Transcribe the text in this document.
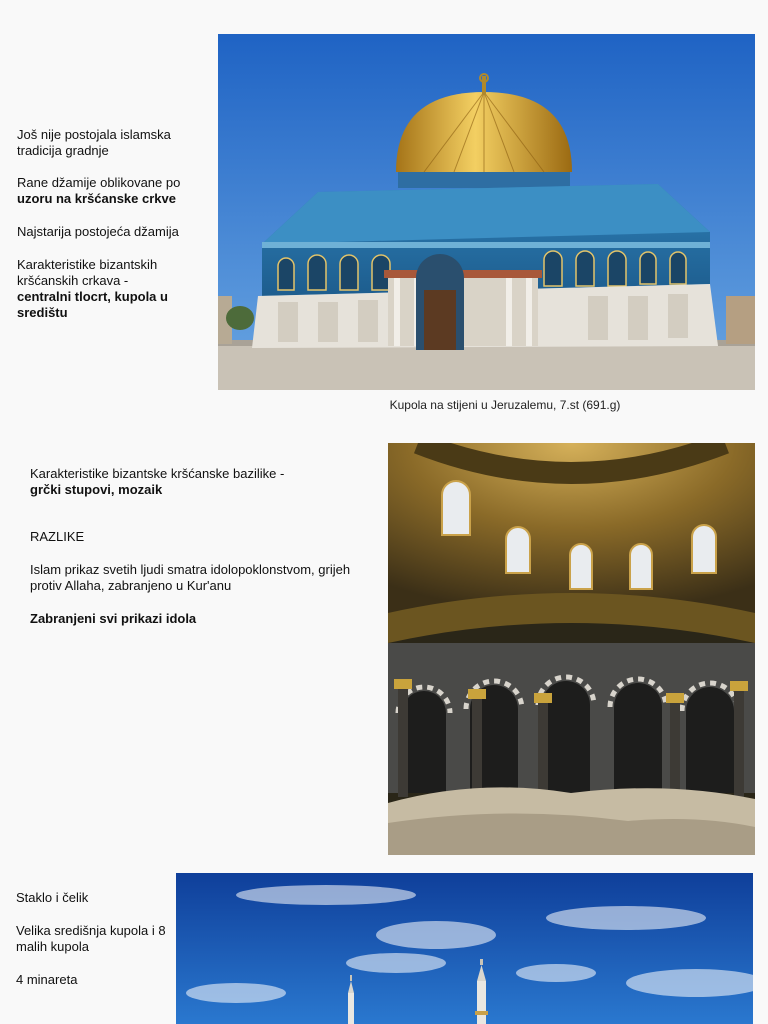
Još nije postojala islamska tradicija gradnje

Rane džamije oblikovane po
uzoru na kršćanske crkve

Najstarija postojeća džamija

Karakteristike bizantskih kršćanskih crkava -
centralni tlocrt, kupola u središtu

Kupola na stijeni u Jeruzalemu, 7.st (691.g)

Karakteristike bizantske kršćanske bazilike -
grčki stupovi, mozaik

RAZLIKE

Islam prikaz svetih ljudi smatra idolopoklonstvom, grijeh protiv Allaha, zabranjeno u Kur'anu

Zabranjeni svi prikazi idola

Staklo i čelik

Velika središnja kupola i 8 malih kupola

4 minareta
